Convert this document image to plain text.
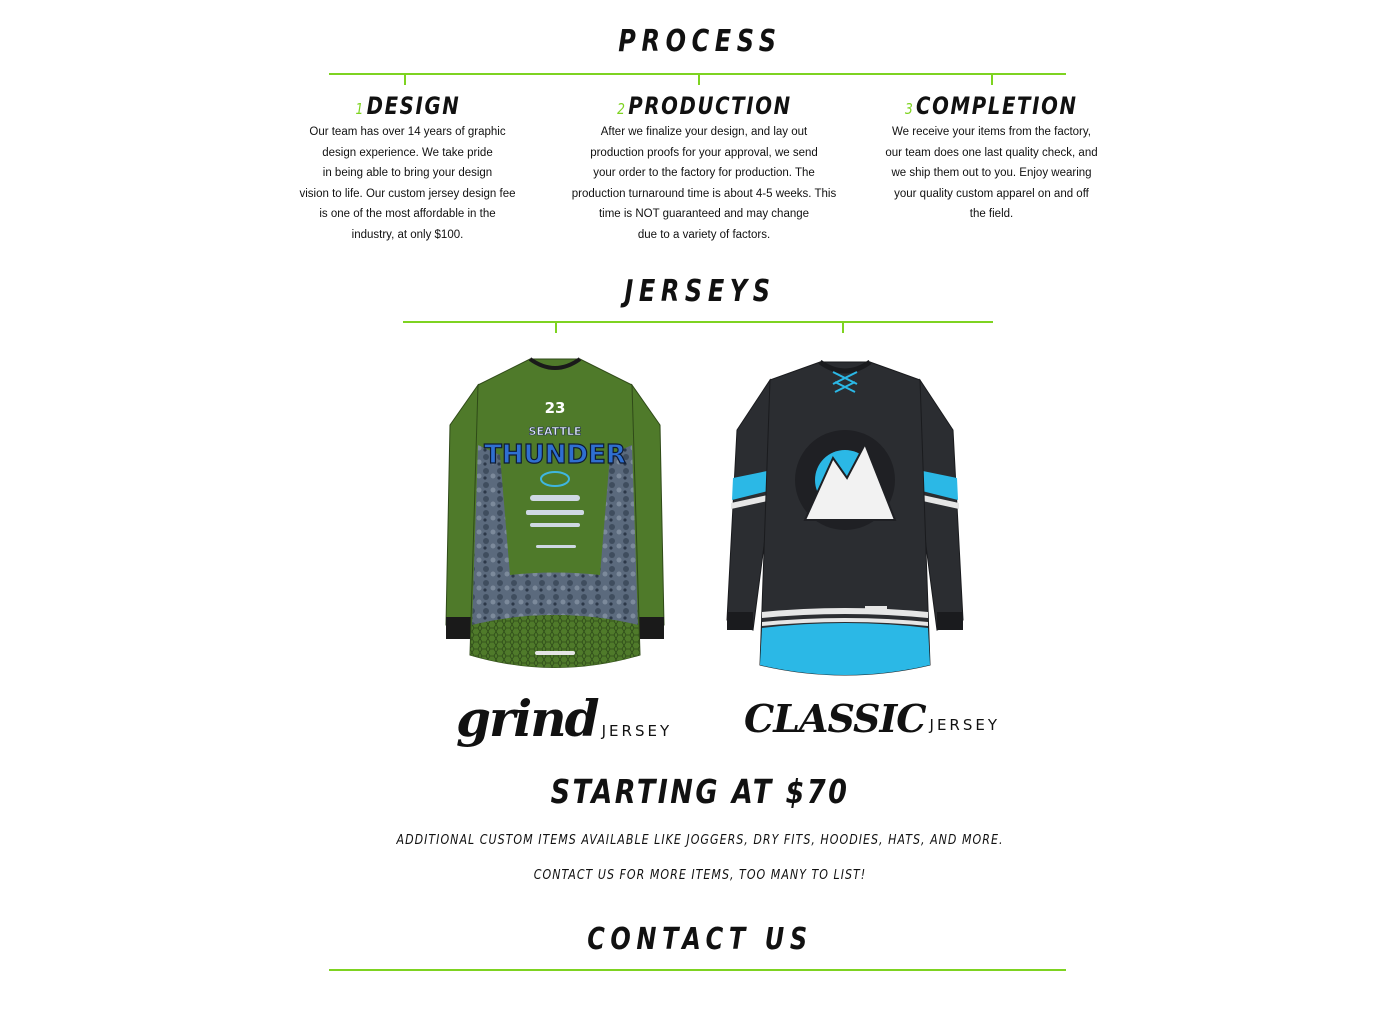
PROCESS
1 DESIGN
Our team has over 14 years of graphic
design experience. We take pride
in being able to bring your design
vision to life. Our custom jersey design fee
is one of the most affordable in the
industry, at only $100.
2 PRODUCTION
After we finalize your design, and lay out
production proofs for your approval, we send
your order to the factory for production. The
production turnaround time is about 4-5 weeks. This
time is NOT guaranteed and may change
due to a variety of factors.
3 COMPLETION
We receive your items from the factory,
our team does one last quality check, and
we ship them out to you. Enjoy wearing
your quality custom apparel on and off
the field.
JERSEYS
23
SEATTLE
THUNDER
grind JERSEY CLASSIC JERSEY
STARTING AT $70
ADDITIONAL CUSTOM ITEMS AVAILABLE LIKE JOGGERS, DRY FITS, HOODIES, HATS, AND MORE.
CONTACT US FOR MORE ITEMS, TOO MANY TO LIST!
CONTACT US
